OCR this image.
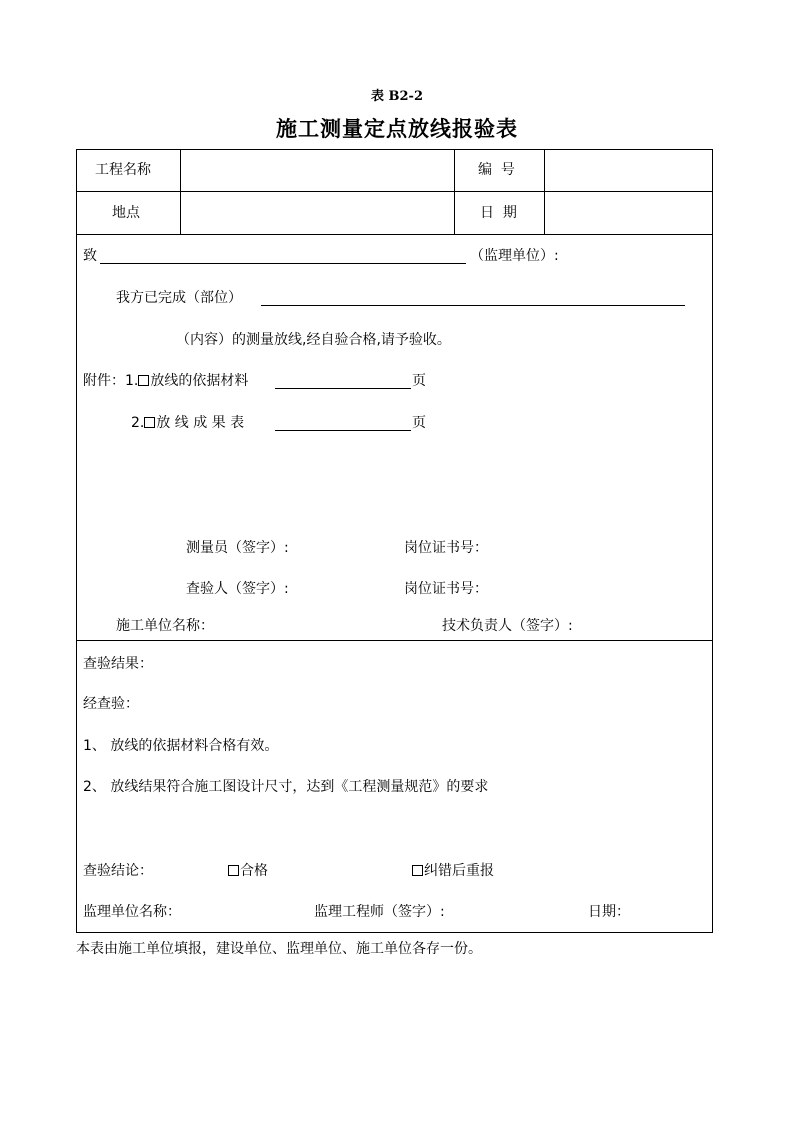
表 B2-2
施工测量定点放线报验表
工程名称	编  号
地点	日  期
致	（监理单位）:
我方已完成（部位）
（内容）的测量放线,经自验合格,请予验收。
附件：1. 放线的依据材料	页
2. 放 线 成 果 表	页
测量员（签字）:	岗位证书号：
查验人（签字）:	岗位证书号：
施工单位名称：	技术负责人（签字）:
查验结果：
经查验：
1、 放线的依据材料合格有效。
2、 放线结果符合施工图设计尺寸，达到《工程测量规范》的要求
查验结论：	合格	纠错后重报
监理单位名称：	监理工程师（签字）:	日期：
本表由施工单位填报，建设单位、监理单位、施工单位各存一份。
